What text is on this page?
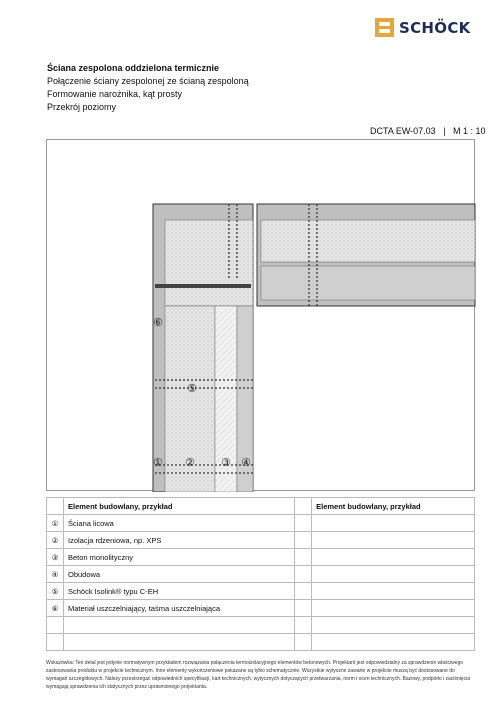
SCHÖCK
Ściana zespolona oddzielona termicznie
Połączenie ściany zespolonej ze ścianą zespoloną
Formowanie narożnika, kąt prosty
Przekrój poziomy
DCTA EW-07.03   |   M 1 : 10
⑥
⑤
① ② ③ ④
	Element budowlany, przykład		Element budowlany, przykład
①	Ściana licowa		
②	Izolacja rdzeniowa, np. XPS		
③	Beton monolityczny		
④	Obudowa		
⑤	Schöck Isolink® typu C-EH		
⑥	Materiał uszczelniający, taśma uszczelniająca		

Wskazówka: Ten detal jest jedynie normatywnym przykładem rozwiązania połączenia termoizolacyjnego elementów betonowych. Projektant jest odpowiedzialny za sprawdzenie właściwego zastosowania produktu w projekcie technicznym. Inne elementy wykończeniowe pokazane są tylko schematycznie. Wszystkie wytyczne zawarte w projekcie muszą być dostosowane do wymagań szczegółowych. Należy przestrzegać odpowiednich specyfikacji, kart technicznych, wytycznych dotyczących przetwarzania, norm i ocen technicznych. Bazowy, podpórki i zaciśnięcia wymagają sprawdzenia ich statycznych przez uprawnionego projektanta.
